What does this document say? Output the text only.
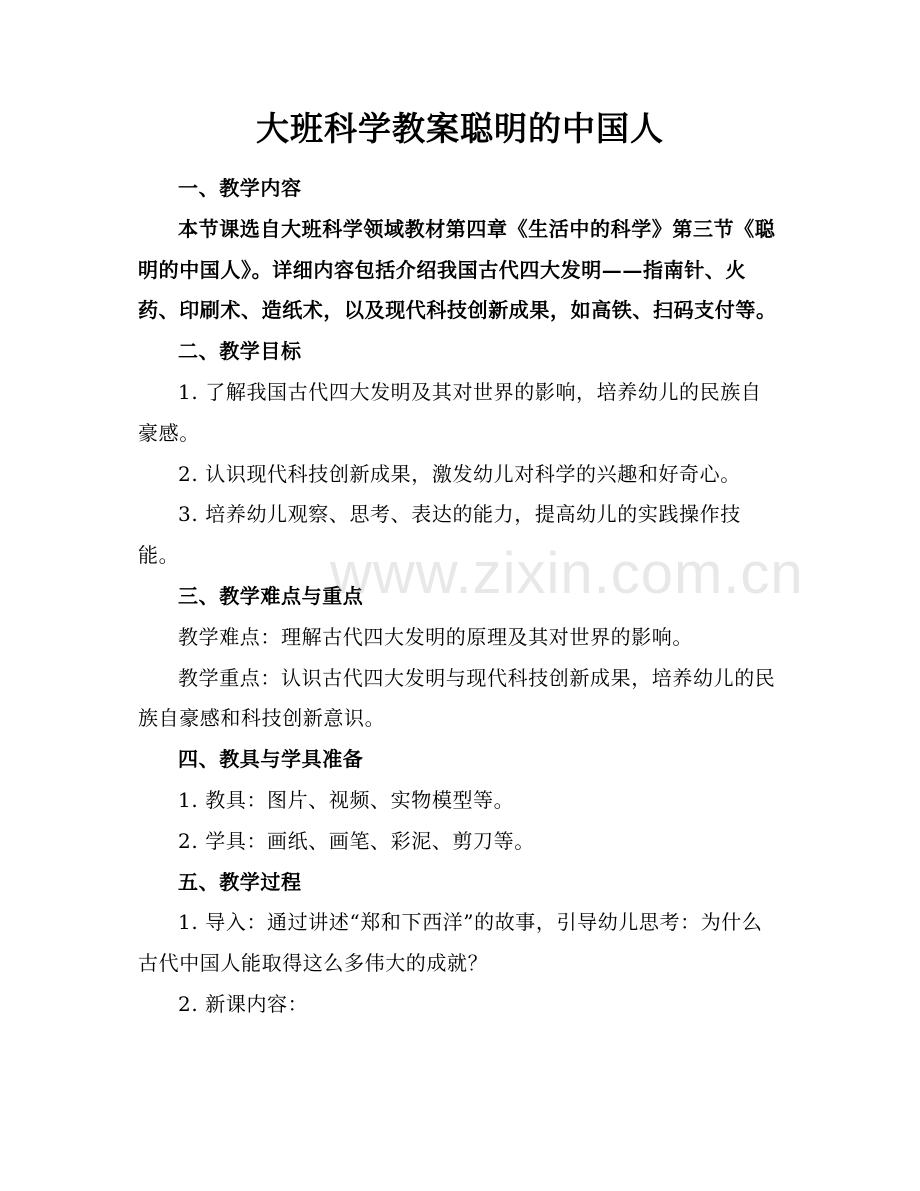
大班科学教案聪明的中国人

一、教学内容

本节课选自大班科学领域教材第四章《生活中的科学》第三节《聪明的中国人》。详细内容包括介绍我国古代四大发明——指南针、火药、印刷术、造纸术，以及现代科技创新成果，如高铁、扫码支付等。

二、教学目标

1. 了解我国古代四大发明及其对世界的影响，培养幼儿的民族自豪感。

2. 认识现代科技创新成果，激发幼儿对科学的兴趣和好奇心。

3. 培养幼儿观察、思考、表达的能力，提高幼儿的实践操作技能。

三、教学难点与重点

教学难点：理解古代四大发明的原理及其对世界的影响。

教学重点：认识古代四大发明与现代科技创新成果，培养幼儿的民族自豪感和科技创新意识。

四、教具与学具准备

1. 教具：图片、视频、实物模型等。

2. 学具：画纸、画笔、彩泥、剪刀等。

五、教学过程

1. 导入：通过讲述“郑和下西洋”的故事，引导幼儿思考：为什么古代中国人能取得这么多伟大的成就？

2. 新课内容：

www.zixin.com.cn
